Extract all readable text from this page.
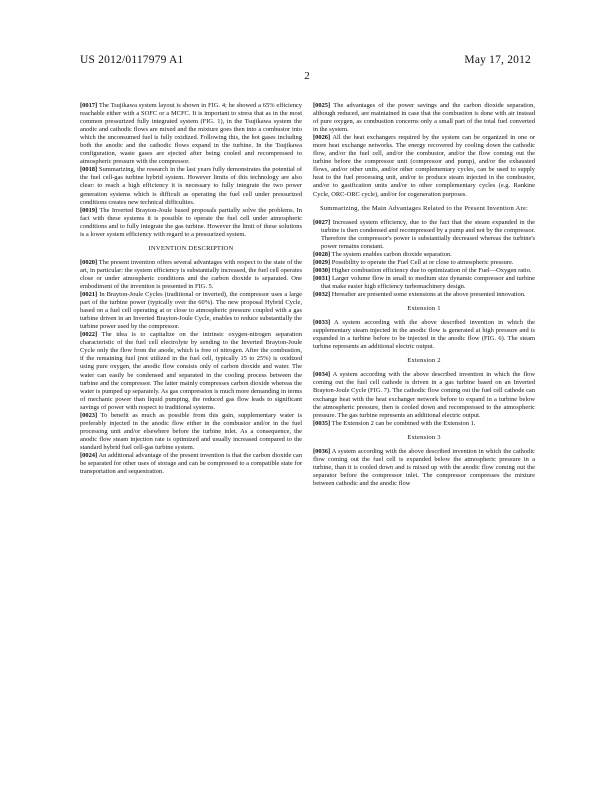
US 2012/0117979 A1	May 17, 2012
2

[0017] The Tsujikawa system layout is shown in FIG. 4; he showed a 65% efficiency reachable either with a SOFC or a MCFC. It is important to stress that as in the most common pressurized fully integrated system (FIG. 1), in the Tsujikawa system the anodic and cathodic flows are mixed and the mixture goes then into a combustor into which the unconsumed fuel is fully oxidized. Following this, the hot gases including both the anodic and the cathodic flows expand in the turbine. In the Tsujikawa configuration, waste gases are ejected after being cooled and recompressed to atmospheric pressure with the compressor.

[0018] Summarizing, the research in the last years fully demonstrates the potential of the fuel cell-gas turbine hybrid system. However limits of this technology are also clear: to reach a high efficiency it is necessary to fully integrate the two power generation systems which is difficult as operating the fuel cell under pressurized conditions creates new technical difficulties.

[0019] The Inverted Brayton-Joule based proposals partially solve the problems. In fact with these systems it is possible to operate the fuel cell under atmospheric conditions and to fully integrate the gas turbine. However the limit of these solutions is a lower system efficiency with regard to a pressurized system.

INVENTION DESCRIPTION

[0020] The present invention offers several advantages with respect to the state of the art, in particular: the system efficiency is substantially increased, the fuel cell operates close or under atmospheric conditions and the carbon dioxide is separated. One embodiment of the invention is presented in FIG. 5.

[0021] In Brayton-Joule Cycles (traditional or inverted), the compressor uses a large part of the turbine power (typically over the 60%). The new proposal Hybrid Cycle, based on a fuel cell operating at or close to atmospheric pressure coupled with a gas turbine driven in an Inverted Brayton-Joule Cycle, enables to reduce substantially the turbine power used by the compressor.

[0022] The idea is to capitalize on the intrinsic oxygen-nitrogen separation characteristic of the fuel cell electrolyte by sending to the Inverted Brayton-Joule Cycle only the flow from the anode, which is free of nitrogen. After the combustion, if the remaining fuel (not utilized in the fuel cell, typically 15 to 25%) is oxidized using pure oxygen, the anodic flow consists only of carbon dioxide and water. The water can easily be condensed and separated in the cooling process between the turbine and the compressor. The latter mainly compresses carbon dioxide whereas the water is pumped up separately. As gas compression is much more demanding in terms of mechanic power than liquid pumping, the reduced gas flow leads to significant savings of power with respect to traditional systems.

[0023] To benefit as much as possible from this gain, supplementary water is preferably injected in the anodic flow either in the combustor and/or in the fuel processing unit and/or elsewhere before the turbine inlet. As a consequence, the anodic flow steam injection rate is optimized and usually increased compared to the standard hybrid fuel cell-gas turbine system.

[0024] An additional advantage of the present invention is that the carbon dioxide can be separated for other uses of storage and can be compressed to a compatible state for transportation and sequestration.

[0025] The advantages of the power savings and the carbon dioxide separation, although reduced, are maintained in case that the combustion is done with air instead of pure oxygen, as combustion concerns only a small part of the total fuel converted in the system.

[0026] All the heat exchangers required by the system can be organized in one or more heat exchange networks. The energy recovered by cooling down the cathodic flow, and/or the fuel cell, and/or the combustor, and/or the flow coming out the turbine before the compressor unit (compressor and pump), and/or the exhausted flows, and/or other units, and/or other complementary cycles, can be used to supply heat to the fuel processing unit, and/or to produce steam injected in the combustor, and/or to gasification units and/or to other complementary cycles (e.g. Rankine Cycle, ORC-ORC cycle), and/or for cogeneration purposes.

Summarizing, the Main Advantages Related to the Present Invention Are:

[0027] Increased system efficiency, due to the fact that the steam expanded in the turbine is then condensed and recompressed by a pump and not by the compressor. Therefore the compressor's power is substantially decreased whereas the turbine's power remains constant.

[0028] The system enables carbon dioxide separation.

[0029] Possibility to operate the Fuel Cell at or close to atmospheric pressure.

[0030] Higher combustion efficiency due to optimization of the Fuel—Oxygen ratio.

[0031] Larger volume flow in small to medium size dynamic compressor and turbine that make easier high efficiency turbomachinery design.

[0032] Hereafter are presented some extensions at the above presented innovation.

Extension 1

[0033] A system according with the above described invention in which the supplementary steam injected in the anodic flow is generated at high pressure and is expanded in a turbine before to be injected in the anodic flow (FIG. 6). The steam turbine represents an additional electric output.

Extension 2

[0034] A system according with the above described invention in which the flow coming out the fuel cell cathode is driven in a gas turbine based on an Inverted Brayton-Joule Cycle (FIG. 7). The cathodic flow coming out the fuel cell cathode can exchange heat with the heat exchanger network before to expand in a turbine below the atmospheric pressure, then is cooled down and recompressed to the atmospheric pressure. The gas turbine represents an additional electric output.

[0035] The Extension 2 can be combined with the Extension 1.

Extension 3

[0036] A system according with the above described invention in which the cathodic flow coming out the fuel cell is expanded below the atmospheric pressure in a turbine, than it is cooled down and is mixed up with the anodic flow coming out the separator before the compressor inlet. The compressor compresses the mixture between cathodic and the anodic flow
